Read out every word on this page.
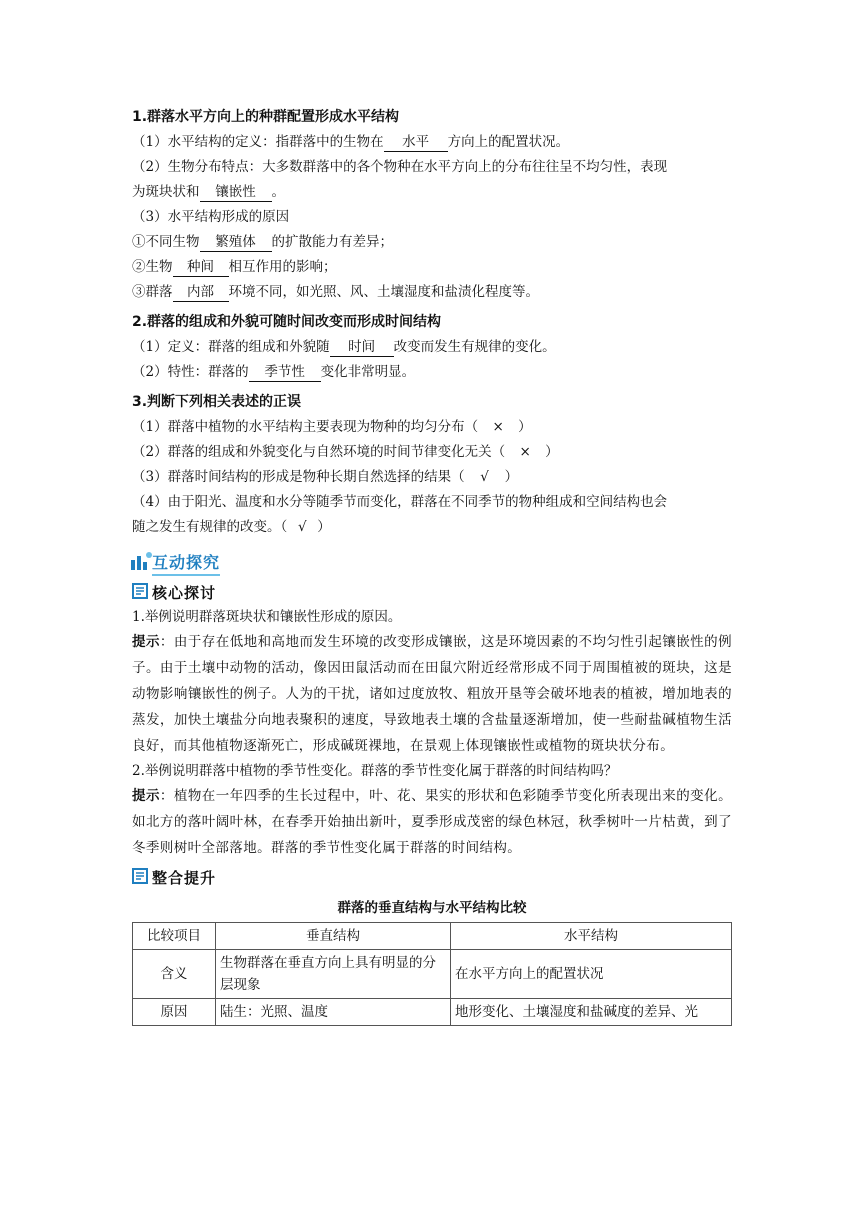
1.群落水平方向上的种群配置形成水平结构

（1）水平结构的定义：指群落中的生物在 水平 方向上的配置状况。

（2）生物分布特点：大多数群落中的各个物种在水平方向上的分布往往呈不均匀性，表现

为斑块状和 镶嵌性 。

（3）水平结构形成的原因

①不同生物 繁殖体 的扩散能力有差异；

②生物 种间 相互作用的影响；

③群落 内部 环境不同，如光照、风、土壤湿度和盐渍化程度等。

2.群落的组成和外貌可随时间改变而形成时间结构

（1）定义：群落的组成和外貌随 时间 改变而发生有规律的变化。

（2）特性：群落的 季节性 变化非常明显。

3.判断下列相关表述的正误

（1）群落中植物的水平结构主要表现为物种的均匀分布（ × ）

（2）群落的组成和外貌变化与自然环境的时间节律变化无关（ × ）

（3）群落时间结构的形成是物种长期自然选择的结果（ √ ）

（4）由于阳光、温度和水分等随季节而变化，群落在不同季节的物种组成和空间结构也会

随之发生有规律的改变。（ √ ）

互动探究
核心探讨

1.举例说明群落斑块状和镶嵌性形成的原因。

提示：由于存在低地和高地而发生环境的改变形成镶嵌，这是环境因素的不均匀性引起镶嵌性的例子。由于土壤中动物的活动，像因田鼠活动而在田鼠穴附近经常形成不同于周围植被的斑块，这是动物影响镶嵌性的例子。人为的干扰，诸如过度放牧、粗放开垦等会破坏地表的植被，增加地表的蒸发，加快土壤盐分向地表聚积的速度，导致地表土壤的含盐量逐渐增加，使一些耐盐碱植物生活良好，而其他植物逐渐死亡，形成碱斑裸地，在景观上体现镶嵌性或植物的斑块状分布。

2.举例说明群落中植物的季节性变化。群落的季节性变化属于群落的时间结构吗？

提示：植物在一年四季的生长过程中，叶、花、果实的形状和色彩随季节变化所表现出来的变化。如北方的落叶阔叶林，在春季开始抽出新叶，夏季形成茂密的绿色林冠，秋季树叶一片枯黄，到了冬季则树叶全部落地。群落的季节性变化属于群落的时间结构。

整合提升
群落的垂直结构与水平结构比较
比较项目	垂直结构	水平结构
含义	生物群落在垂直方向上具有明显的分层现象	在水平方向上的配置状况
原因	陆生：光照、温度	地形变化、土壤湿度和盐碱度的差异、光
